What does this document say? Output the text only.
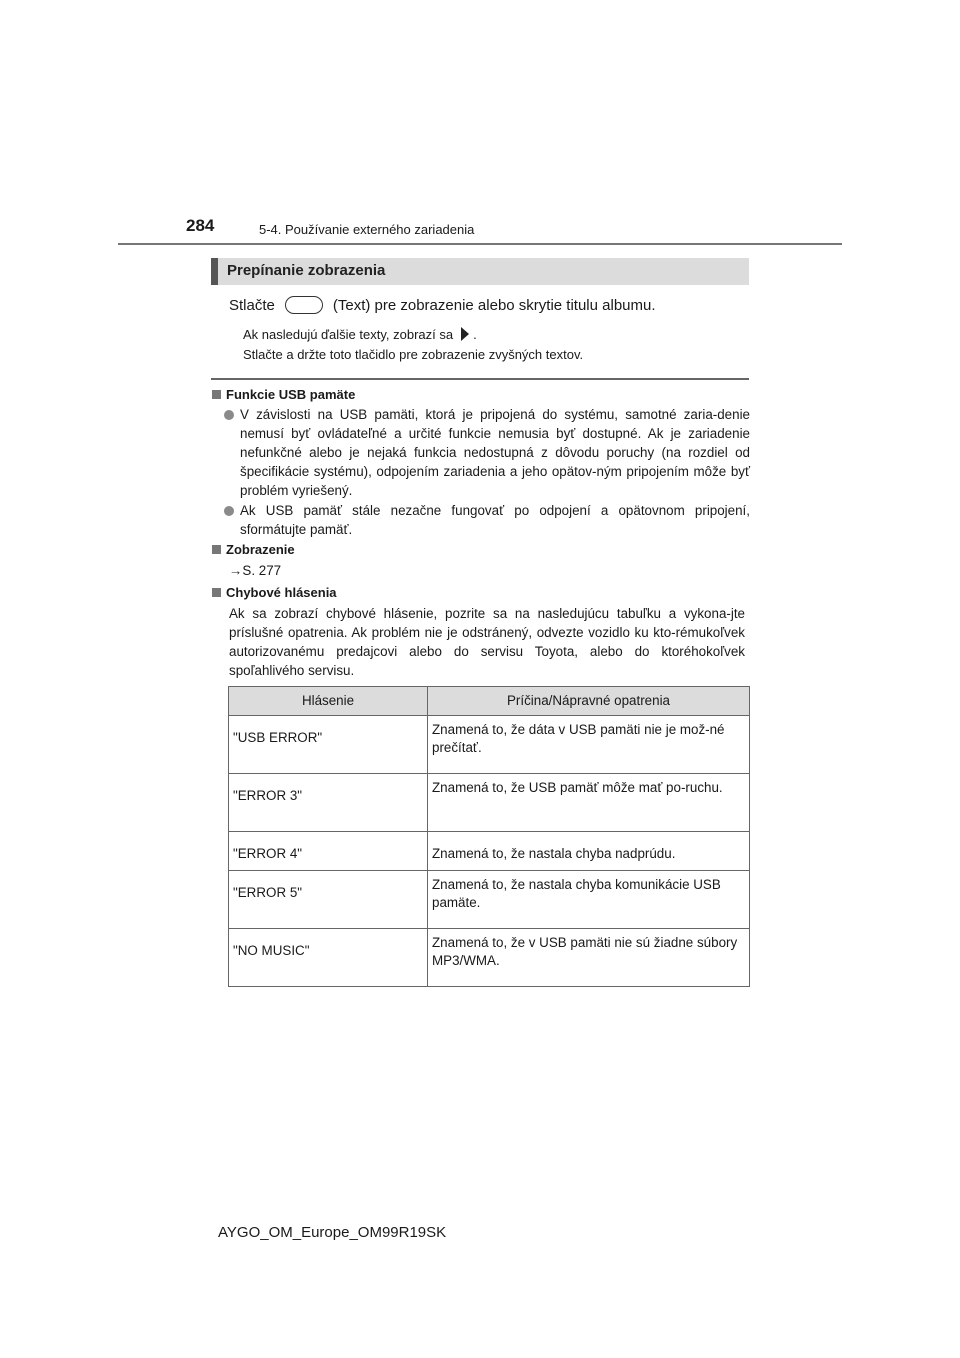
284	5-4. Používanie externého zariadenia
Prepínanie zobrazenia
Stlačte	(Text) pre zobrazenie alebo skrytie titulu albumu.
Ak nasledujú ďalšie texty, zobrazí sa .
Stlačte a držte toto tlačidlo pre zobrazenie zvyšných textov.
Funkcie USB pamäte
V závislosti na USB pamäti, ktorá je pripojená do systému, samotné zaria-denie nemusí byť ovládateľné a určité funkcie nemusia byť dostupné. Ak je zariadenie nefunkčné alebo je nejaká funkcia nedostupná z dôvodu poruchy (na rozdiel od špecifikácie systému), odpojením zariadenia a jeho opätov-ným pripojením môže byť problém vyriešený.
Ak USB pamäť stále nezačne fungovať po odpojení a opätovnom pripojení, sformátujte pamäť.
Zobrazenie
→S. 277
Chybové hlásenia
Ak sa zobrazí chybové hlásenie, pozrite sa na nasledujúcu tabuľku a vykona-jte príslušné opatrenia. Ak problém nie je odstránený, odvezte vozidlo ku kto-rémukoľvek autorizovanému predajcovi alebo do servisu Toyota, alebo do ktoréhokoľvek spoľahlivého servisu.
Hlásenie	Príčina/Nápravné opatrenia
"USB ERROR"	Znamená to, že dáta v USB pamäti nie je mož-né prečítať.
"ERROR 3"	Znamená to, že USB pamäť môže mať po-ruchu.
"ERROR 4"	Znamená to, že nastala chyba nadprúdu.
"ERROR 5"	Znamená to, že nastala chyba komunikácie USB pamäte.
"NO MUSIC"	Znamená to, že v USB pamäti nie sú žiadne súbory MP3/WMA.
AYGO_OM_Europe_OM99R19SK
